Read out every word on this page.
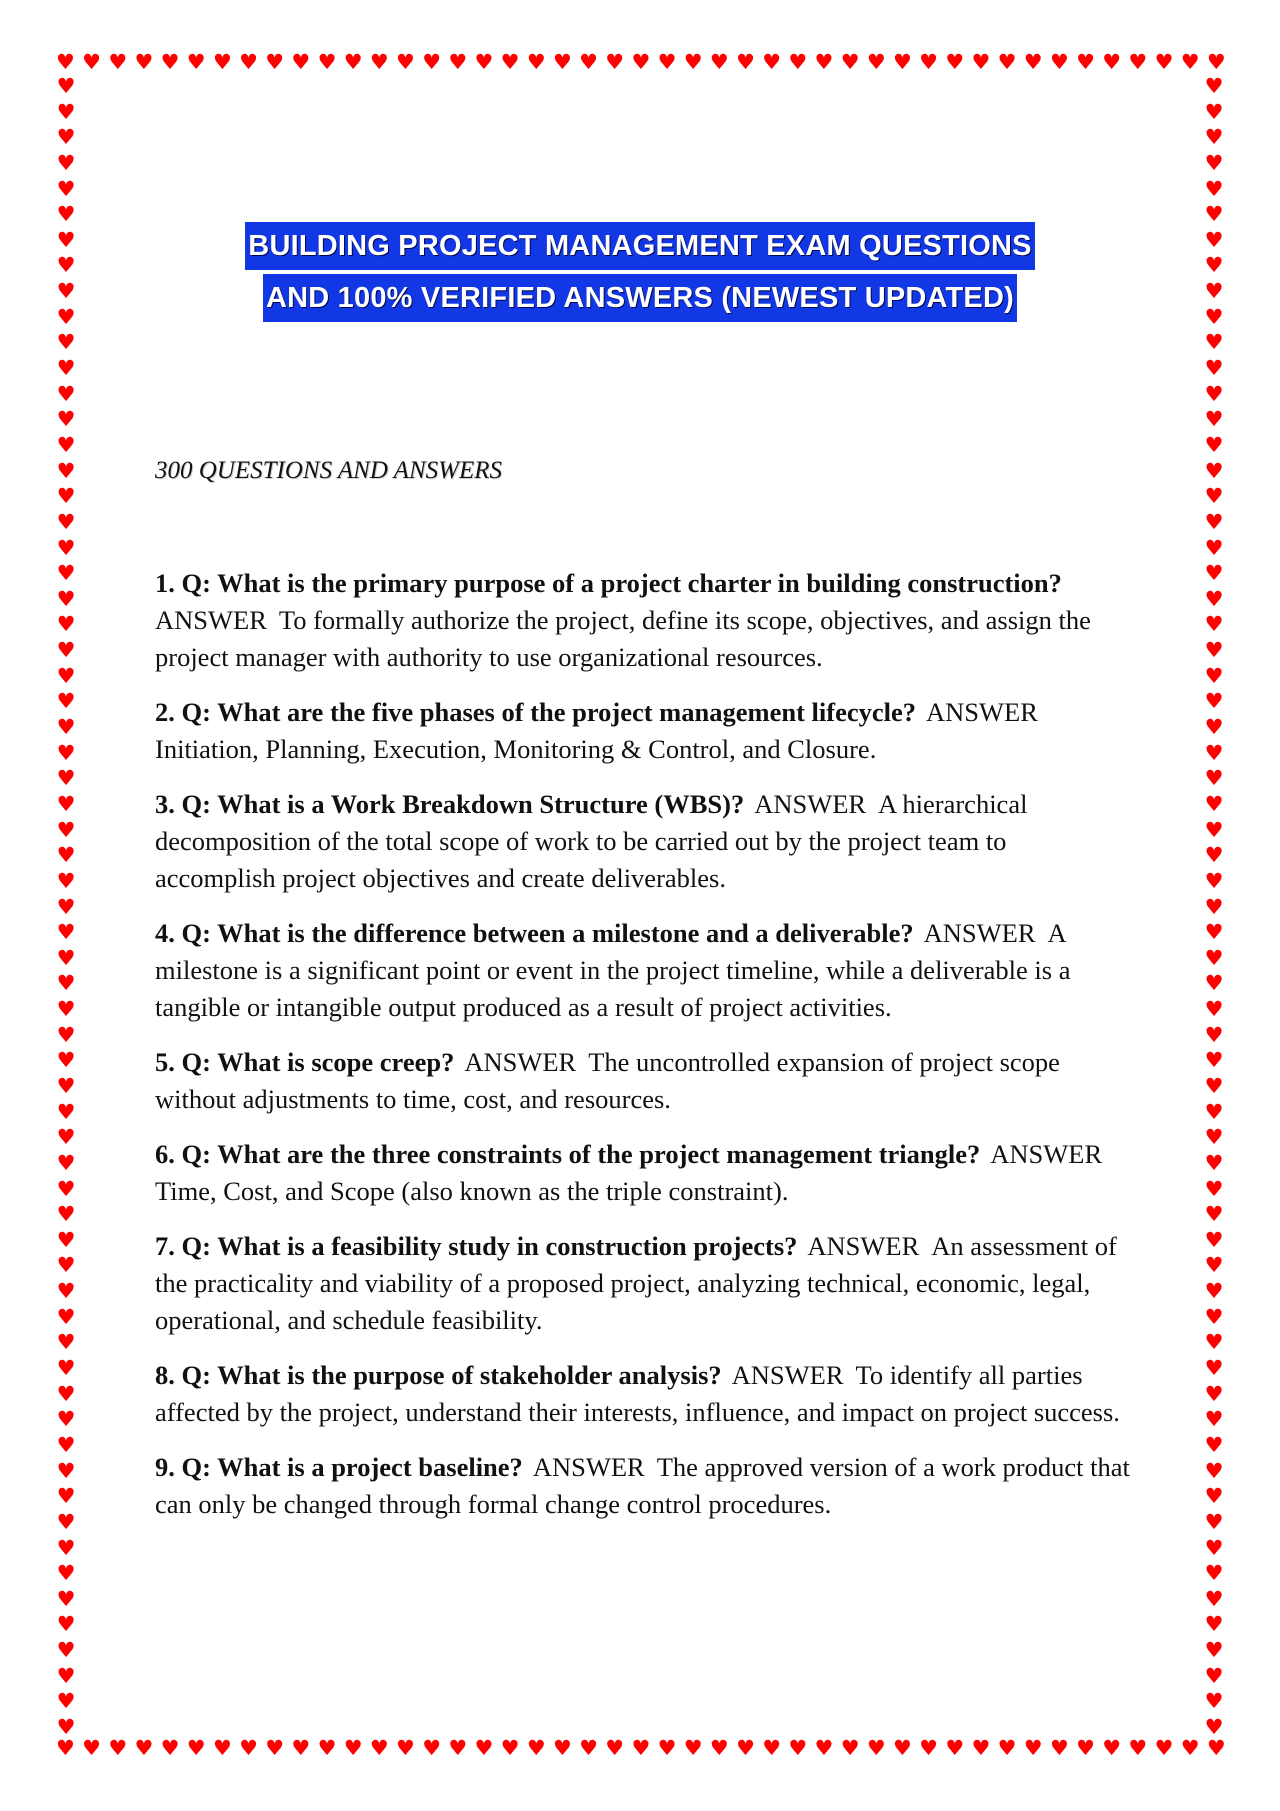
♥ ♥ ♥ ♥ ♥ ♥ ♥ ♥ ♥ ♥ ♥ ♥ ♥ ♥ ♥ ♥ ♥ ♥ ♥ ♥ ♥ ♥ ♥ ♥ ♥ ♥ ♥ ♥ ♥ ♥ ♥ ♥ ♥ ♥ ♥ ♥ ♥ ♥ ♥ ♥ ♥ ♥ ♥ ♥ ♥
♥ ♥ ♥ ♥ ♥ ♥ ♥ ♥ ♥ ♥ ♥ ♥ ♥ ♥ ♥ ♥ ♥ ♥ ♥ ♥ ♥ ♥ ♥ ♥ ♥ ♥ ♥ ♥ ♥ ♥ ♥ ♥ ♥ ♥ ♥ ♥ ♥ ♥ ♥ ♥ ♥ ♥ ♥ ♥ ♥
♥
♥
♥
♥
♥
♥
♥
♥
♥
♥
♥
♥
♥
♥
♥
♥
♥
♥
♥
♥
♥
♥
♥
♥
♥
♥
♥
♥
♥
♥
♥
♥
♥
♥
♥
♥
♥
♥
♥
♥
♥
♥
♥
♥
♥
♥
♥
♥
♥
♥
♥
♥
♥
♥
♥
♥
♥
♥
♥
♥
♥
♥
♥
♥
♥
♥
♥
♥
♥
♥
♥
♥
♥
♥
♥
♥
♥
♥
♥
♥
♥
♥
♥
♥
♥
♥
♥
♥
♥
♥
♥
♥
♥
♥
♥
♥
♥
♥
♥
♥
♥
♥
♥
♥
♥
♥
♥
♥
♥
♥
♥
♥
♥
♥
♥
♥
♥
♥
♥
♥
♥
♥
♥
♥
♥
♥
♥
♥
♥
♥
BUILDING PROJECT MANAGEMENT EXAM QUESTIONS
AND 100% VERIFIED ANSWERS (NEWEST UPDATED)
300 QUESTIONS AND ANSWERS

1. Q: What is the primary purpose of a project charter in building construction?ANSWER To formally authorize the project, define its scope, objectives, and assign the project manager with authority to use organizational resources.

2. Q: What are the five phases of the project management lifecycle? ANSWERInitiation, Planning, Execution, Monitoring & Control, and Closure.

3. Q: What is a Work Breakdown Structure (WBS)? ANSWER A hierarchical decomposition of the total scope of work to be carried out by the project team to accomplish project objectives and create deliverables.

4. Q: What is the difference between a milestone and a deliverable? ANSWER A milestone is a significant point or event in the project timeline, while a deliverable is a tangible or intangible output produced as a result of project activities.

5. Q: What is scope creep? ANSWER The uncontrolled expansion of project scope without adjustments to time, cost, and resources.

6. Q: What are the three constraints of the project management triangle? ANSWERTime, Cost, and Scope (also known as the triple constraint).

7. Q: What is a feasibility study in construction projects? ANSWER An assessment of the practicality and viability of a proposed project, analyzing technical, economic, legal, operational, and schedule feasibility.

8. Q: What is the purpose of stakeholder analysis? ANSWER To identify all parties affected by the project, understand their interests, influence, and impact on project success.

9. Q: What is a project baseline? ANSWER The approved version of a work product that can only be changed through formal change control procedures.
